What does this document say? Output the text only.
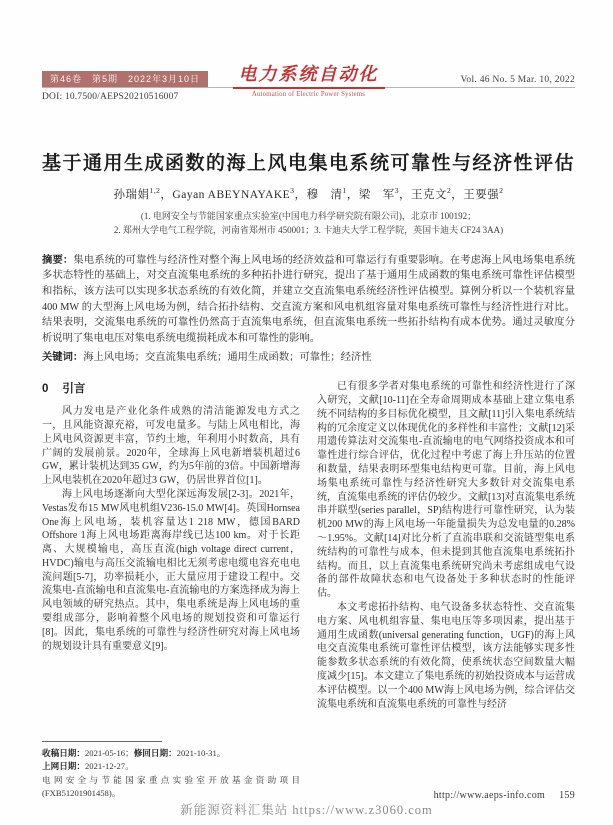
第46卷　第5期　2022年3月10日	电力系统自动化	Vol. 46 No. 5 Mar. 10, 2022
DOI: 10.7500/AEPS20210516007	Automation of Electric Power Systems
基于通用生成函数的海上风电集电系统可靠性与经济性评估
孙瑞娟$^{1,2}$，Gayan ABEYNAYAKE$^3$，穆　清$^1$，梁　军$^3$，王克文$^2$，王要强$^2$
(1. 电网安全与节能国家重点实验室(中国电力科学研究院有限公司)，北京市 100192；
2. 郑州大学电气工程学院，河南省郑州市 450001；3. 卡迪夫大学工程学院，英国卡迪夫 CF24 3AA)
摘要：集电系统的可靠性与经济性对整个海上风电场的经济效益和可靠运行有重要影响。在考虑海上风电场集电系统多状态特性的基础上，对交直流集电系统的多种拓扑进行研究，提出了基于通用生成函数的集电系统可靠性评估模型和指标，该方法可以实现多状态系统的有效化简，并建立交直流集电系统经济性评估模型。算例分析以一个装机容量400 MW 的大型海上风电场为例，结合拓扑结构、交直流方案和风电机组容量对集电系统可靠性与经济性进行对比。结果表明，交流集电系统的可靠性仍然高于直流集电系统，但直流集电系统一些拓扑结构有成本优势。通过灵敏度分析说明了集电电压对集电系统电缆损耗成本和可靠性的影响。
关键词：海上风电场；交直流集电系统；通用生成函数；可靠性；经济性
0 引言

风力发电是产业化条件成熟的清洁能源发电方式之一，且风能资源充裕，可发电量多。与陆上风电相比，海上风电风资源更丰富，节约土地，年利用小时数高，具有广阔的发展前景。2020年，全球海上风电新增装机超过6 GW，累计装机达到35 GW，约为5年前的3倍。中国新增海上风电装机在2020年超过3 GW，仍居世界首位[1]。

海上风电场逐渐向大型化深远海发展[2-3]。2021年，Vestas发布15 MW风电机组V236-15.0 MW[4]。英国Hornsea One海上风电场，装机容量达1 218 MW，德国BARD Offshore 1海上风电场距离海岸线已达100 km。对于长距离、大规模输电，高压直流(high voltage direct current，HVDC)输电与高压交流输电相比无须考虑电缆电容充电电流问题[5-7]，功率损耗小，正大量应用于建设工程中。交流集电-直流输电和直流集电-直流输电的方案选择成为海上风电领域的研究热点。其中，集电系统是海上风电场的重要组成部分，影响着整个风电场的规划投资和可靠运行[8]。因此，集电系统的可靠性与经济性研究对海上风电场的规划设计具有重要意义[9]。

收稿日期：2021-05-16；修回日期：2021-10-31。
上网日期：2021-12-27。
电网安全与节能国家重点实验室开放基金资助项目(FXB51201901458)。

已有很多学者对集电系统的可靠性和经济性进行了深入研究，文献[10-11]在全寿命周期成本基础上建立集电系统不同结构的多目标优化模型，且文献[11]引入集电系统结构的冗余度定义以体现优化的多样性和丰富性；文献[12]采用遗传算法对交流集电-直流输电的电气网络投资成本和可靠性进行综合评估，优化过程中考虑了海上升压站的位置和数量，结果表明环型集电结构更可靠。目前，海上风电场集电系统可靠性与经济性研究大多数针对交流集电系统，直流集电系统的评估仍较少。文献[13]对直流集电系统串并联型(series parallel，SP)结构进行可靠性研究，认为装机200 MW的海上风电场一年能量损失为总发电量的0.28%～1.95%。文献[14]对比分析了直流串联和交流链型集电系统结构的可靠性与成本，但未提到其他直流集电系统拓扑结构。而且，以上直流集电系统研究尚未考虑组成电气设备的部件故障状态和电气设备处于多种状态时的性能评估。

本文考虑拓扑结构、电气设备多状态特性、交直流集电方案、风电机组容量、集电电压等多项因素，提出基于通用生成函数(universal generating function，UGF)的海上风电交直流集电系统可靠性评估模型，该方法能够实现多性能参数多状态系统的有效化简，使系统状态空间数量大幅度减少[15]。本文建立了集电系统的初始投资成本与运营成本评估模型。以一个400 MW海上风电场为例，综合评估交流集电系统和直流集电系统的可靠性与经济

http://www.aeps-info.com 159
新能源资料汇集站 https://www.z3060.com
